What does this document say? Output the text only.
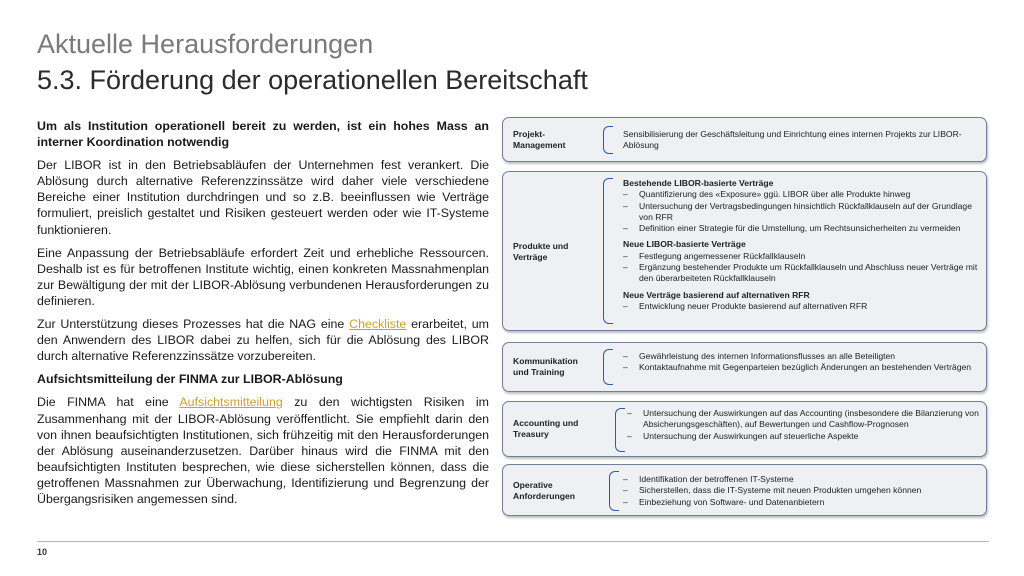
Aktuelle Herausforderungen
5.3. Förderung der operationellen Bereitschaft

Um als Institution operationell bereit zu werden, ist ein hohes Mass an interner Koordination notwendig

Der LIBOR ist in den Betriebsabläufen der Unternehmen fest verankert. Die Ablösung durch alternative Referenzzinssätze wird daher viele verschiedene Bereiche einer Institution durchdringen und so z.B. beeinflussen wie Verträge formuliert, preislich gestaltet und Risiken gesteuert werden oder wie IT-Systeme funktionieren.

Eine Anpassung der Betriebsabläufe erfordert Zeit und erhebliche Ressourcen. Deshalb ist es für betroffenen Institute wichtig, einen konkreten Massnahmenplan zur Bewältigung der mit der LIBOR-Ablösung verbundenen Herausforderungen zu definieren.

Zur Unterstützung dieses Prozesses hat die NAG eine Checkliste erarbeitet, um den Anwendern des LIBOR dabei zu helfen, sich für die Ablösung des LIBOR durch alternative Referenzzinssätze vorzubereiten.

Aufsichtsmitteilung der FINMA zur LIBOR-Ablösung

Die FINMA hat eine Aufsichtsmitteilung zu den wichtigsten Risiken im Zusammenhang mit der LIBOR-Ablösung veröffentlicht. Sie empfiehlt darin den von ihnen beaufsichtigten Institutionen, sich frühzeitig mit den Herausforderungen der Ablösung auseinanderzusetzen. Darüber hinaus wird die FINMA mit den beaufsichtigten Instituten besprechen, wie diese sicherstellen können, dass die getroffenen Massnahmen zur Überwachung, Identifizierung und Begrenzung der Übergangsrisiken angemessen sind.

Projekt-
Management
Sensibilisierung der Geschäftsleitung und Einrichtung eines internen Projekts zur LIBOR-Ablösung
Produkte und
Verträge
Bestehende LIBOR-basierte Verträge
– Quantifizierung des «Exposure» ggü. LIBOR über alle Produkte hinweg
– Untersuchung der Vertragsbedingungen hinsichtlich Rückfallklauseln auf der Grundlage von RFR
– Definition einer Strategie für die Umstellung, um Rechtsunsicherheiten zu vermeiden
Neue LIBOR-basierte Verträge
– Festlegung angemessener Rückfallklauseln
– Ergänzung bestehender Produkte um Rückfallklauseln und Abschluss neuer Verträge mit den überarbeiteten Rückfallklauseln
Neue Verträge basierend auf alternativen RFR
– Entwicklung neuer Produkte basierend auf alternativen RFR
Kommunikation
und Training
– Gewährleistung des internen Informationsflusses an alle Beteiligten
– Kontaktaufnahme mit Gegenparteien bezüglich Änderungen an bestehenden Verträgen
Accounting und
Treasury
– Untersuchung der Auswirkungen auf das Accounting (insbesondere die Bilanzierung von Absicherungsgeschäften), auf Bewertungen und Cashflow-Prognosen
– Untersuchung der Auswirkungen auf steuerliche Aspekte
Operative
Anforderungen
– Identifikation der betroffenen IT-Systeme
– Sicherstellen, dass die IT-Systeme mit neuen Produkten umgehen können
– Einbeziehung von Software- und Datenanbietern
10
